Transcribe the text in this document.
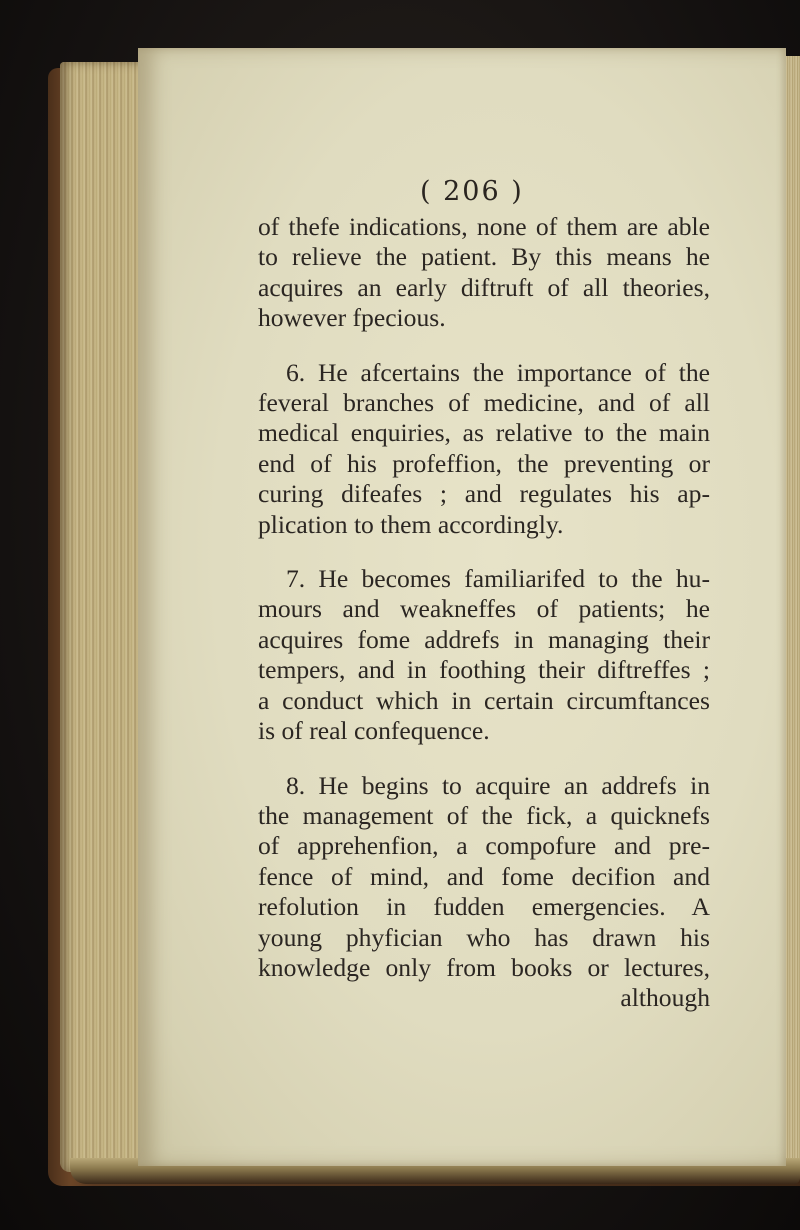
( 206 )
of thefe indications, none of them are able
to relieve the patient. By this means he
acquires an early diftruft of all theories,
however fpecious.
6. He afcertains the importance of the
feveral branches of medicine, and of all
medical enquiries, as relative to the main
end of his profeffion, the preventing or
curing difeafes ; and regulates his ap-
plication to them accordingly.
7. He becomes familiarifed to the hu-
mours and weakneffes of patients; he
acquires fome addrefs in managing their
tempers, and in foothing their diftreffes ;
a conduct which in certain circumftances
is of real confequence.
8. He begins to acquire an addrefs in
the management of the fick, a quicknefs
of apprehenfion, a compofure and pre-
fence of mind, and fome decifion and
refolution in fudden emergencies. A
young phyfician who has drawn his
knowledge only from books or lectures,
although
